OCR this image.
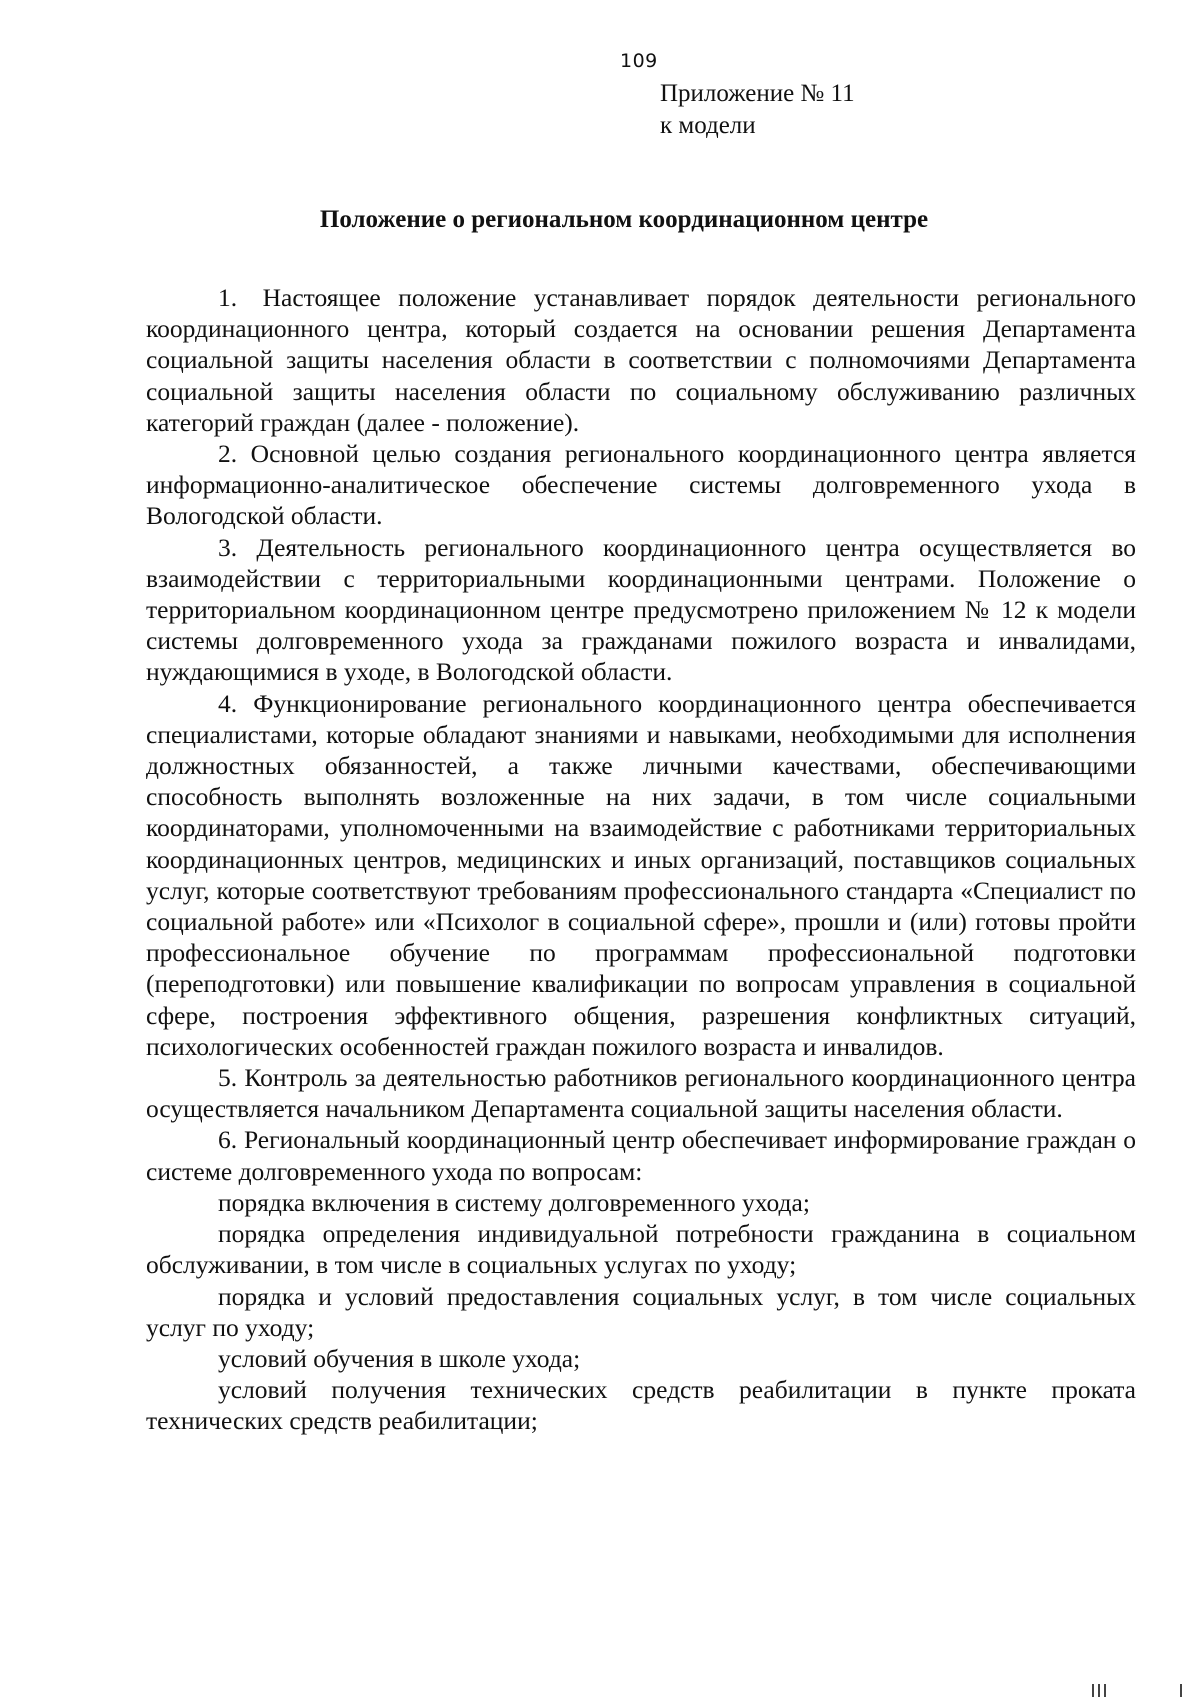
109
Приложение № 11
к модели
Положение о региональном координационном центре

1. Настоящее положение устанавливает порядок деятельности регионального координационного центра, который создается на основании решения Департамента социальной защиты населения области в соответствии с полномочиями Департамента социальной защиты населения области по социальному обслуживанию различных категорий граждан (далее - положение).

2. Основной целью создания регионального координационного центра является информационно-аналитическое обеспечение системы долговременного ухода в Вологодской области.

3. Деятельность регионального координационного центра осуществляется во взаимодействии с территориальными координационными центрами. Положение о территориальном координационном центре предусмотрено приложением № 12 к модели системы долговременного ухода за гражданами пожилого возраста и инвалидами, нуждающимися в уходе, в Вологодской области.

4. Функционирование регионального координационного центра обеспечивается специалистами, которые обладают знаниями и навыками, необходимыми для исполнения должностных обязанностей, а также личными качествами, обеспечивающими способность выполнять возложенные на них задачи, в том числе социальными координаторами, уполномоченными на взаимодействие с работниками территориальных координационных центров, медицинских и иных организаций, поставщиков социальных услуг, которые соответствуют требованиям профессионального стандарта «Специалист по социальной работе» или «Психолог в социальной сфере», прошли и (или) готовы пройти профессиональное обучение по программам профессиональной подготовки (переподготовки) или повышение квалификации по вопросам управления в социальной сфере, построения эффективного общения, разрешения конфликтных ситуаций, психологических особенностей граждан пожилого возраста и инвалидов.

5. Контроль за деятельностью работников регионального координационного центра осуществляется начальником Департамента социальной защиты населения области.

6. Региональный координационный центр обеспечивает информирование граждан о системе долговременного ухода по вопросам:

порядка включения в систему долговременного ухода;

порядка определения индивидуальной потребности гражданина в социальном обслуживании, в том числе в социальных услугах по уходу;

порядка и условий предоставления социальных услуг, в том числе социальных услуг по уходу;

условий обучения в школе ухода;

условий получения технических средств реабилитации в пункте проката технических средств реабилитации;
